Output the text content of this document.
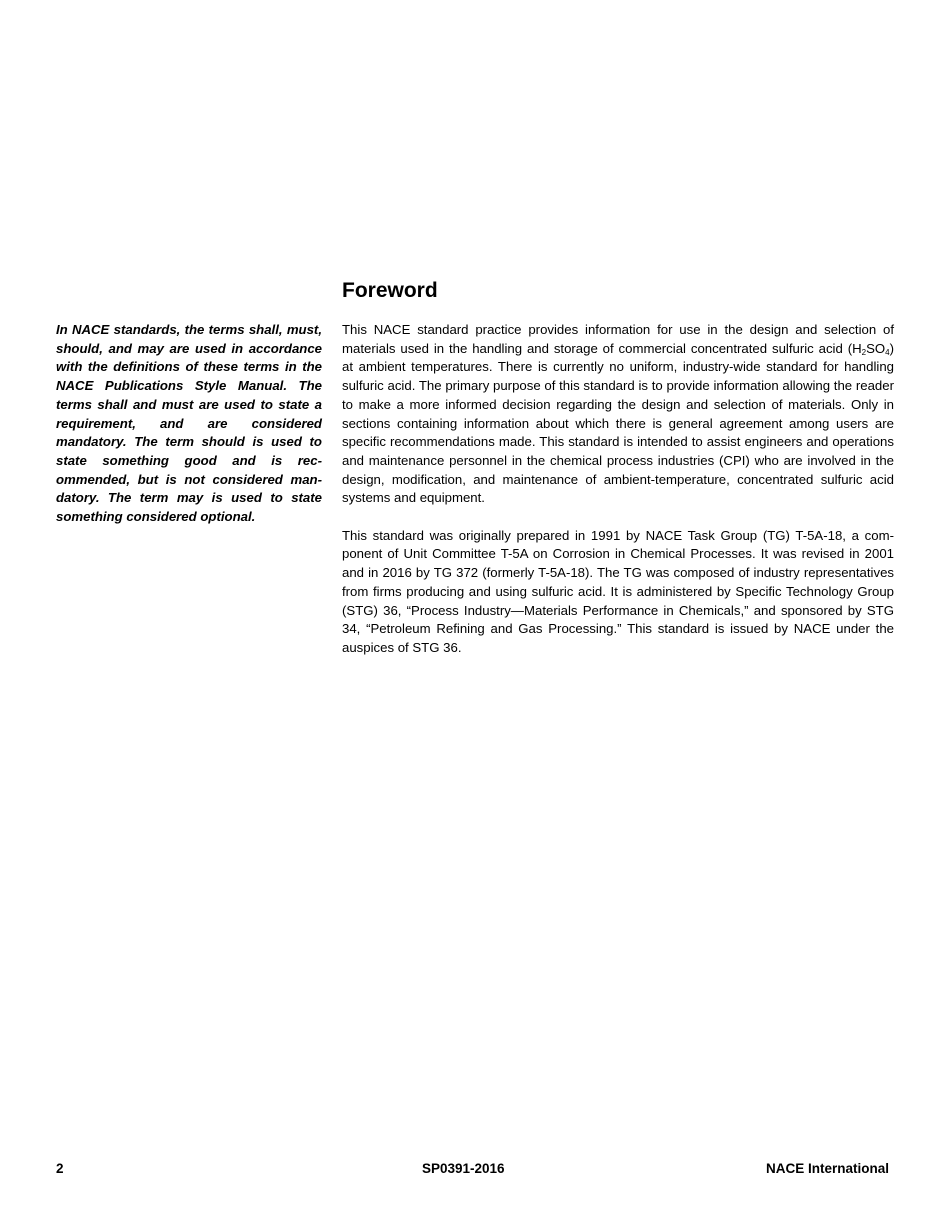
Foreword

In NACE standards, the terms shall, must, should, and may are used in accordance with the definitions of these terms in the NACE Publications Style Manual. The terms shall and must are used to state a requirement, and are considered mandatory. The term should is used to state something good and is recommended, but is not considered mandatory. The term may is used to state something considered optional.

This NACE standard practice provides information for use in the design and selection of materials used in the handling and storage of commercial concentrated sulfuric acid $(H_2SO_4)$ at ambient temperatures. There is currently no uniform, industry-wide standard for handling sulfuric acid. The primary purpose of this standard is to provide information allowing the reader to make a more informed decision regarding the design and selection of materials. Only in sections containing information about which there is general agreement among users are specific recommendations made. This standard is intended to assist engineers and operations and maintenance personnel in the chemical process industries (CPI) who are involved in the design, modification, and maintenance of ambient-temperature, concentrated sulfuric acid systems and equipment.

This standard was originally prepared in 1991 by NACE Task Group (TG) T-5A-18, a component of Unit Committee T-5A on Corrosion in Chemical Processes. It was revised in 2001 and in 2016 by TG 372 (formerly T-5A-18). The TG was composed of industry representatives from firms producing and using sulfuric acid. It is administered by Specific Technology Group (STG) 36, “Process Industry—Materials Performance in Chemicals,” and sponsored by STG 34, “Petroleum Refining and Gas Processing.” This standard is issued by NACE under the auspices of STG 36.

2	SP0391-2016	NACE International
